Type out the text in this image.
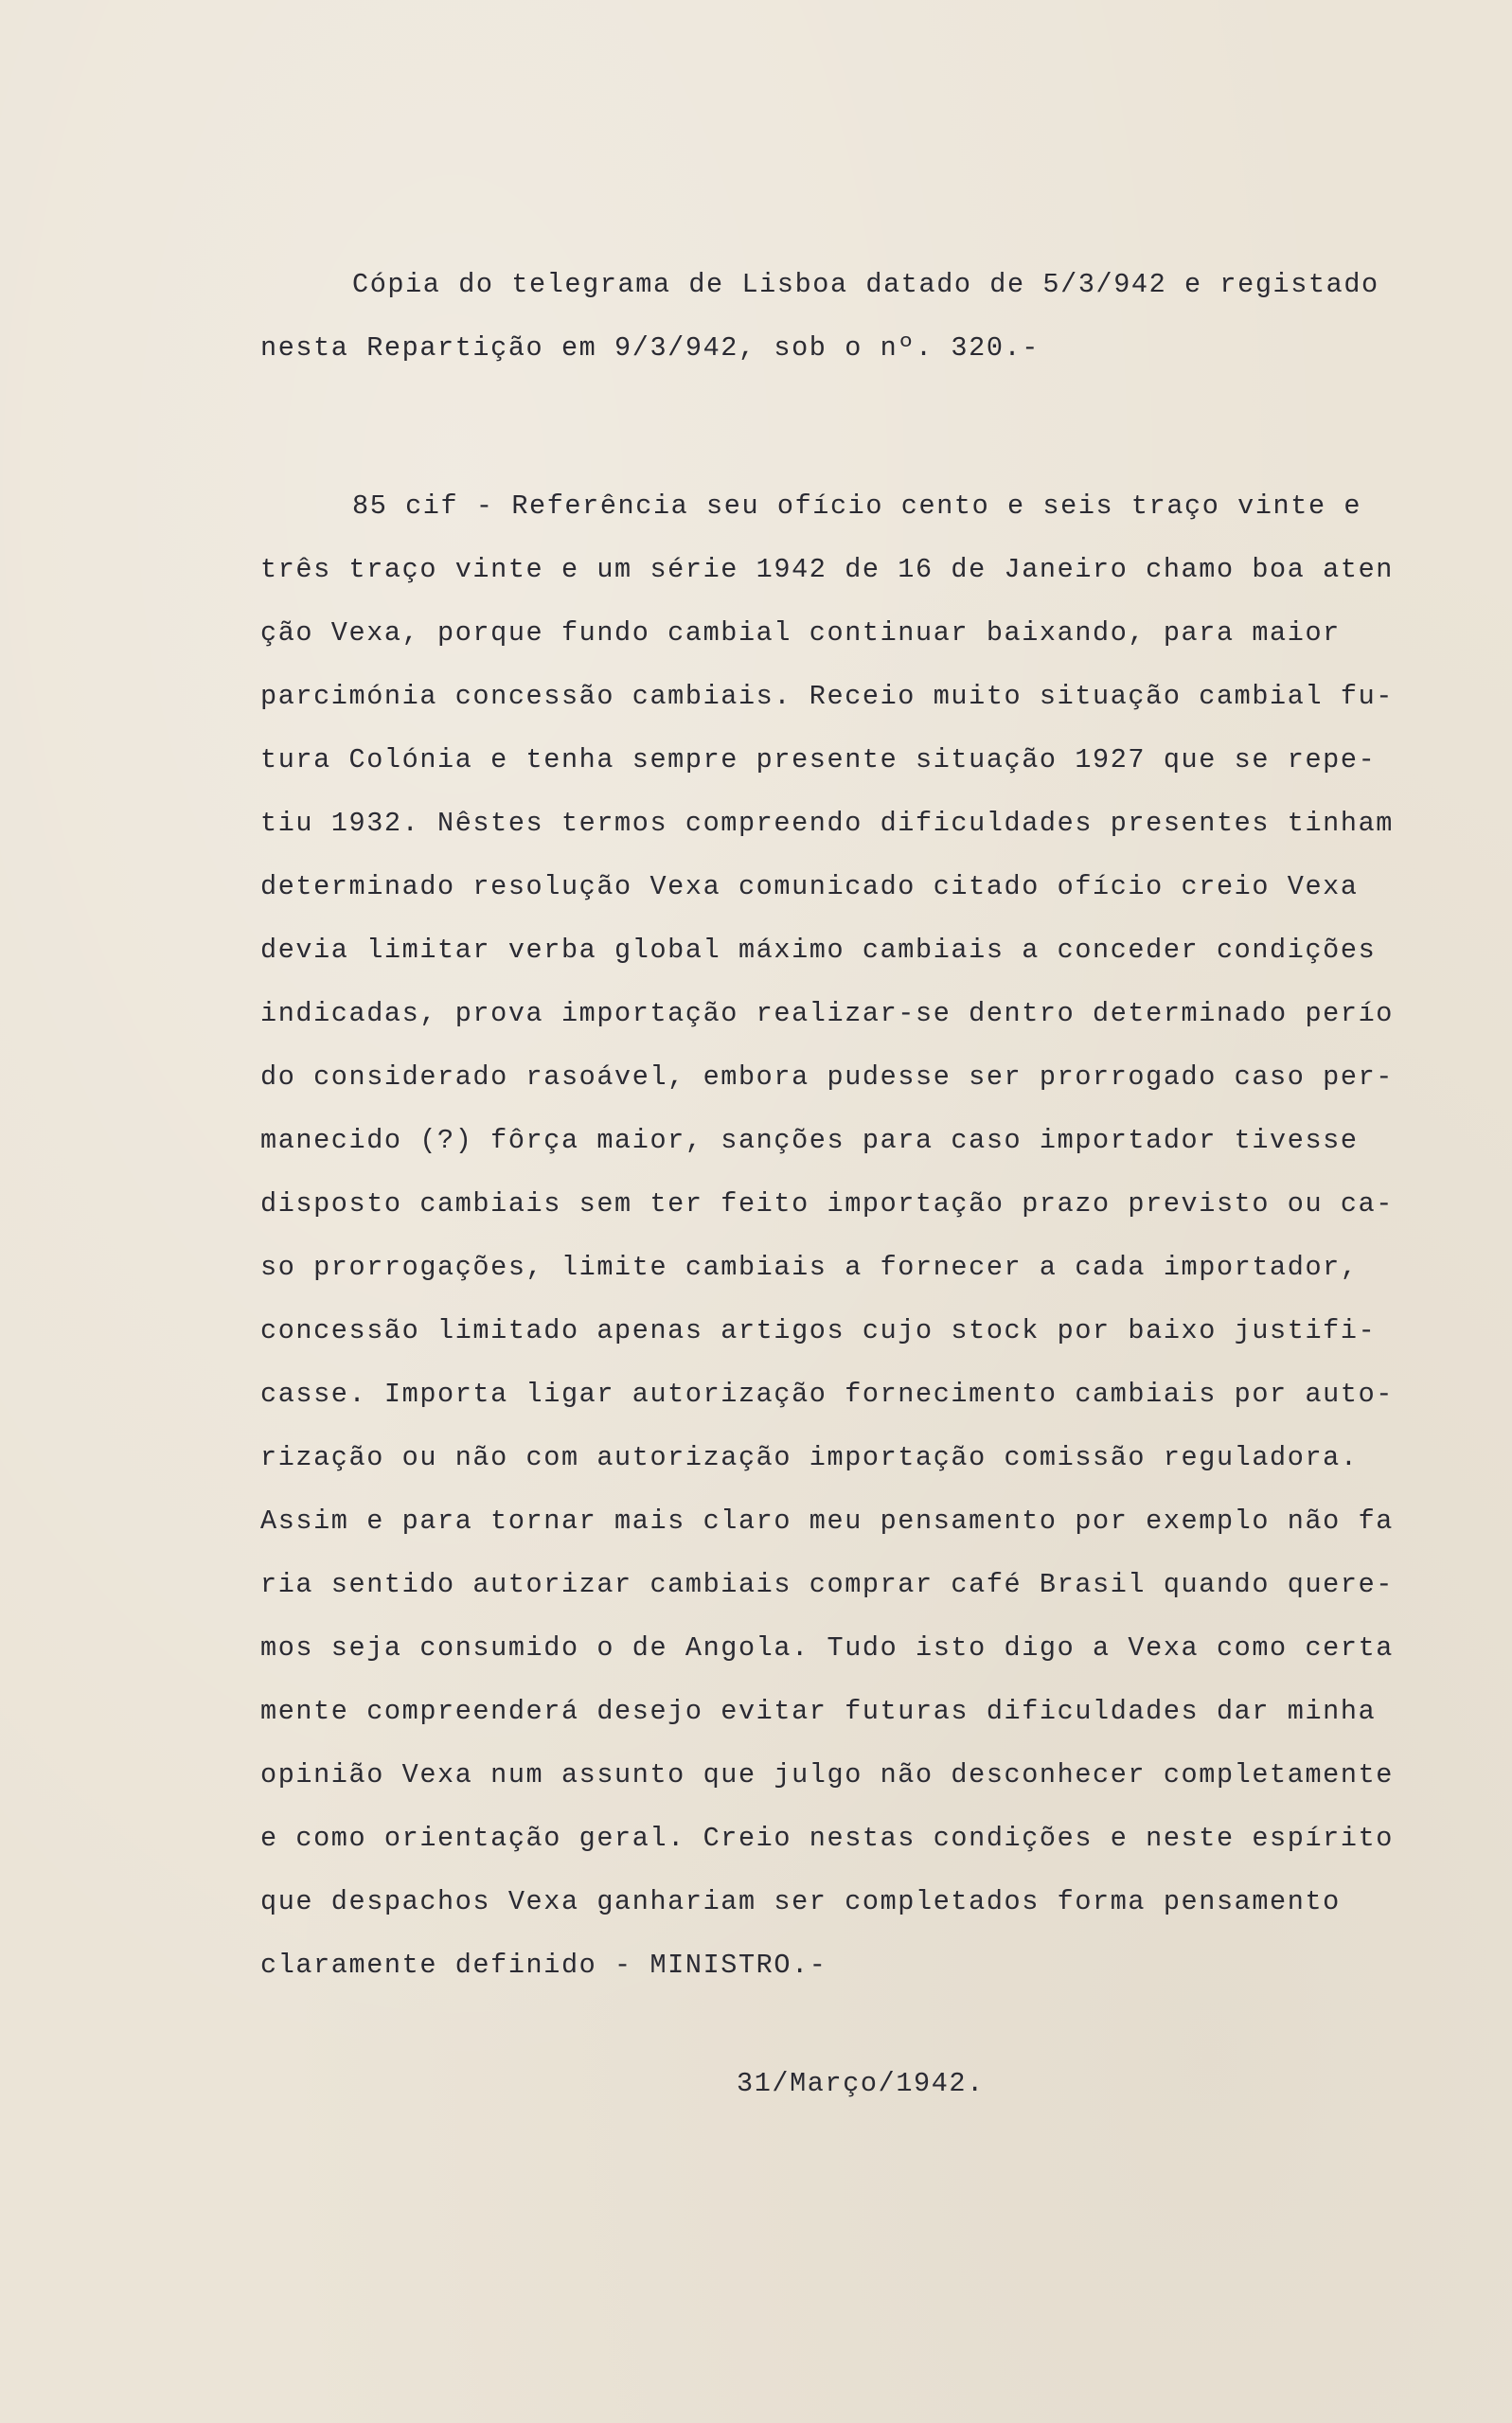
Cópia do telegrama de Lisboa datado de 5/3/942 e registado

nesta Repartição em 9/3/942, sob o nº. 320.-

85 cif - Referência seu ofício cento e seis traço vinte e

três traço vinte e um série 1942 de 16 de Janeiro chamo boa aten

ção Vexa, porque fundo cambial continuar baixando, para maior

parcimónia concessão cambiais. Receio muito situação cambial fu-

tura Colónia e tenha sempre presente situação 1927 que se repe-

tiu 1932. Nêstes termos compreendo dificuldades presentes tinham

determinado resolução Vexa comunicado citado ofício creio Vexa

devia limitar verba global máximo cambiais a conceder condições

indicadas, prova importação realizar-se dentro determinado perío

do considerado rasoável, embora pudesse ser prorrogado caso per-

manecido (?) fôrça maior, sanções para caso importador tivesse

disposto cambiais sem ter feito importação prazo previsto ou ca-

so prorrogações, limite cambiais a fornecer a cada importador,

concessão limitado apenas artigos cujo stock por baixo justifi-

casse. Importa ligar autorização fornecimento cambiais por auto-

rização ou não com autorização importação comissão reguladora.

Assim e para tornar mais claro meu pensamento por exemplo não fa

ria sentido autorizar cambiais comprar café Brasil quando quere-

mos seja consumido o de Angola. Tudo isto digo a Vexa como certa

mente compreenderá desejo evitar futuras dificuldades dar minha

opinião Vexa num assunto que julgo não desconhecer completamente

e como orientação geral. Creio nestas condições e neste espírito

que despachos Vexa ganhariam ser completados forma pensamento

claramente definido - MINISTRO.-

31/Março/1942.
